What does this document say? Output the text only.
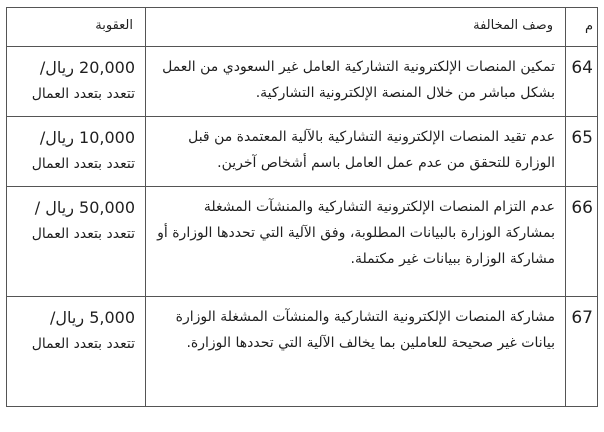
م	وصف المخالفة	العقوبة

64	تمكين المنصات الإلكترونية التشاركية العامل غير السعودي من العمل بشكل مباشر من خلال المنصة الإلكترونية التشاركية.	20,000 ريال/
تتعدد بتعدد العمال

65	عدم تقيد المنصات الإلكترونية التشاركية بالآلية المعتمدة من قبل الوزارة للتحقق من عدم عمل العامل باسم أشخاص آخرين.	10,000 ريال/
تتعدد بتعدد العمال

66	عدم التزام المنصات الإلكترونية التشاركية والمنشآت المشغلة بمشاركة الوزارة بالبيانات المطلوبة، وفق الآلية التي تحددها الوزارة أو مشاركة الوزارة ببيانات غير مكتملة.	50,000 ريال /
تتعدد بتعدد العمال

67	مشاركة المنصات الإلكترونية التشاركية والمنشآت المشغلة الوزارة بيانات غير صحيحة للعاملين بما يخالف الآلية التي تحددها الوزارة.	5,000 ريال/
تتعدد بتعدد العمال
